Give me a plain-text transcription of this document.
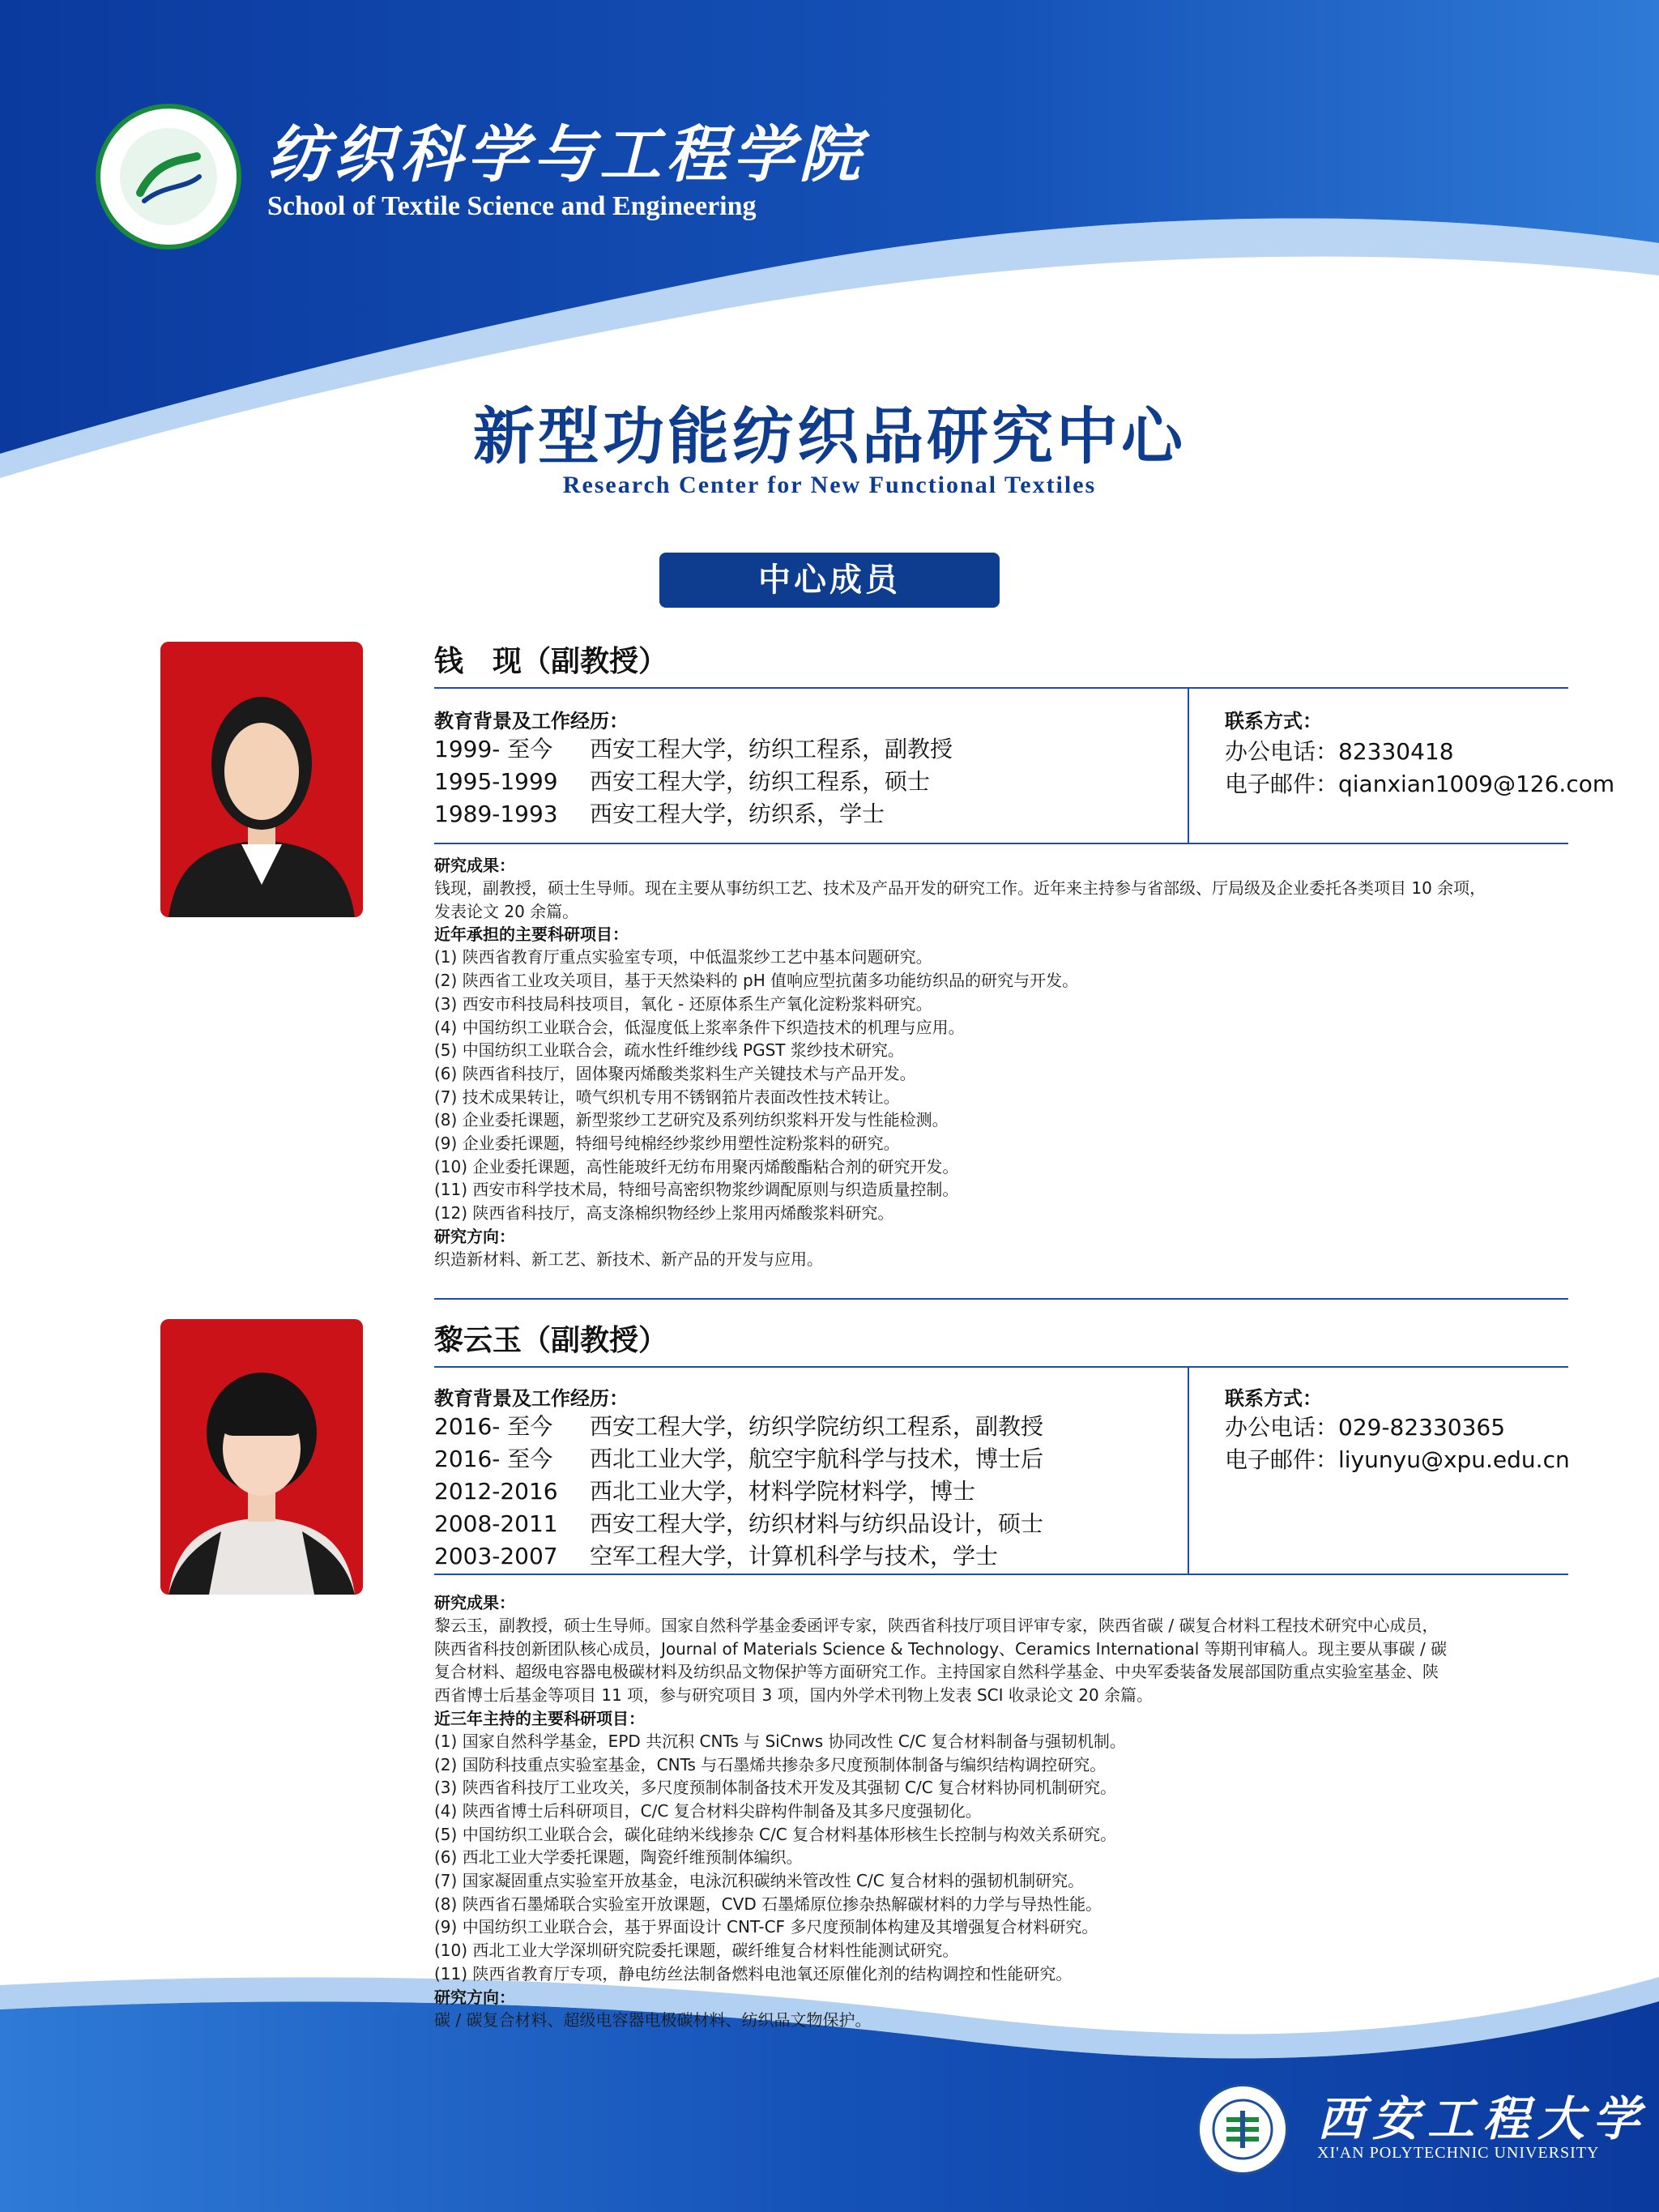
纺织科学与工程学院
School of Textile Science and Engineering
新型功能纺织品研究中心
Research Center for New Functional Textiles
中心成员
钱　现（副教授）
教育背景及工作经历：
1999- 至今 西安工程大学，纺织工程系，副教授
1995-1999 西安工程大学，纺织工程系，硕士
1989-1993 西安工程大学，纺织系，学士
联系方式：
办公电话：82330418
电子邮件：qianxian1009@126.com
研究成果：
钱现，副教授，硕士生导师。现在主要从事纺织工艺、技术及产品开发的研究工作。近年来主持参与省部级、厅局级及企业委托各类项目 10 余项，
发表论文 20 余篇。
近年承担的主要科研项目：
(1) 陕西省教育厅重点实验室专项，中低温浆纱工艺中基本问题研究。
(2) 陕西省工业攻关项目，基于天然染料的 pH 值响应型抗菌多功能纺织品的研究与开发。
(3) 西安市科技局科技项目，氧化 - 还原体系生产氧化淀粉浆料研究。
(4) 中国纺织工业联合会，低湿度低上浆率条件下织造技术的机理与应用。
(5) 中国纺织工业联合会，疏水性纤维纱线 PGST 浆纱技术研究。
(6) 陕西省科技厅，固体聚丙烯酸类浆料生产关键技术与产品开发。
(7) 技术成果转让，喷气织机专用不锈钢筘片表面改性技术转让。
(8) 企业委托课题，新型浆纱工艺研究及系列纺织浆料开发与性能检测。
(9) 企业委托课题，特细号纯棉经纱浆纱用塑性淀粉浆料的研究。
(10) 企业委托课题，高性能玻纤无纺布用聚丙烯酸酯粘合剂的研究开发。
(11) 西安市科学技术局，特细号高密织物浆纱调配原则与织造质量控制。
(12) 陕西省科技厅，高支涤棉织物经纱上浆用丙烯酸浆料研究。
研究方向：
织造新材料、新工艺、新技术、新产品的开发与应用。
黎云玉（副教授）
教育背景及工作经历：
2016- 至今 西安工程大学，纺织学院纺织工程系，副教授
2016- 至今 西北工业大学，航空宇航科学与技术，博士后
2012-2016 西北工业大学，材料学院材料学，博士
2008-2011 西安工程大学，纺织材料与纺织品设计，硕士
2003-2007 空军工程大学，计算机科学与技术，学士
联系方式：
办公电话：029-82330365
电子邮件：liyunyu@xpu.edu.cn
研究成果：
黎云玉，副教授，硕士生导师。国家自然科学基金委函评专家，陕西省科技厅项目评审专家，陕西省碳 / 碳复合材料工程技术研究中心成员，
陕西省科技创新团队核心成员，Journal of Materials Science & Technology、Ceramics International 等期刊审稿人。现主要从事碳 / 碳
复合材料、超级电容器电极碳材料及纺织品文物保护等方面研究工作。主持国家自然科学基金、中央军委装备发展部国防重点实验室基金、陕
西省博士后基金等项目 11 项，参与研究项目 3 项，国内外学术刊物上发表 SCI 收录论文 20 余篇。
近三年主持的主要科研项目：
(1) 国家自然科学基金，EPD 共沉积 CNTs 与 SiCnws 协同改性 C/C 复合材料制备与强韧机制。
(2) 国防科技重点实验室基金，CNTs 与石墨烯共掺杂多尺度预制体制备与编织结构调控研究。
(3) 陕西省科技厅工业攻关，多尺度预制体制备技术开发及其强韧 C/C 复合材料协同机制研究。
(4) 陕西省博士后科研项目，C/C 复合材料尖辟构件制备及其多尺度强韧化。
(5) 中国纺织工业联合会，碳化硅纳米线掺杂 C/C 复合材料基体形核生长控制与构效关系研究。
(6) 西北工业大学委托课题，陶瓷纤维预制体编织。
(7) 国家凝固重点实验室开放基金，电泳沉积碳纳米管改性 C/C 复合材料的强韧机制研究。
(8) 陕西省石墨烯联合实验室开放课题，CVD 石墨烯原位掺杂热解碳材料的力学与导热性能。
(9) 中国纺织工业联合会，基于界面设计 CNT-CF 多尺度预制体构建及其增强复合材料研究。
(10) 西北工业大学深圳研究院委托课题，碳纤维复合材料性能测试研究。
(11) 陕西省教育厅专项，静电纺丝法制备燃料电池氧还原催化剂的结构调控和性能研究。
研究方向：
碳 / 碳复合材料、超级电容器电极碳材料、纺织品文物保护。
西安工程大学
XI'AN POLYTECHNIC UNIVERSITY
